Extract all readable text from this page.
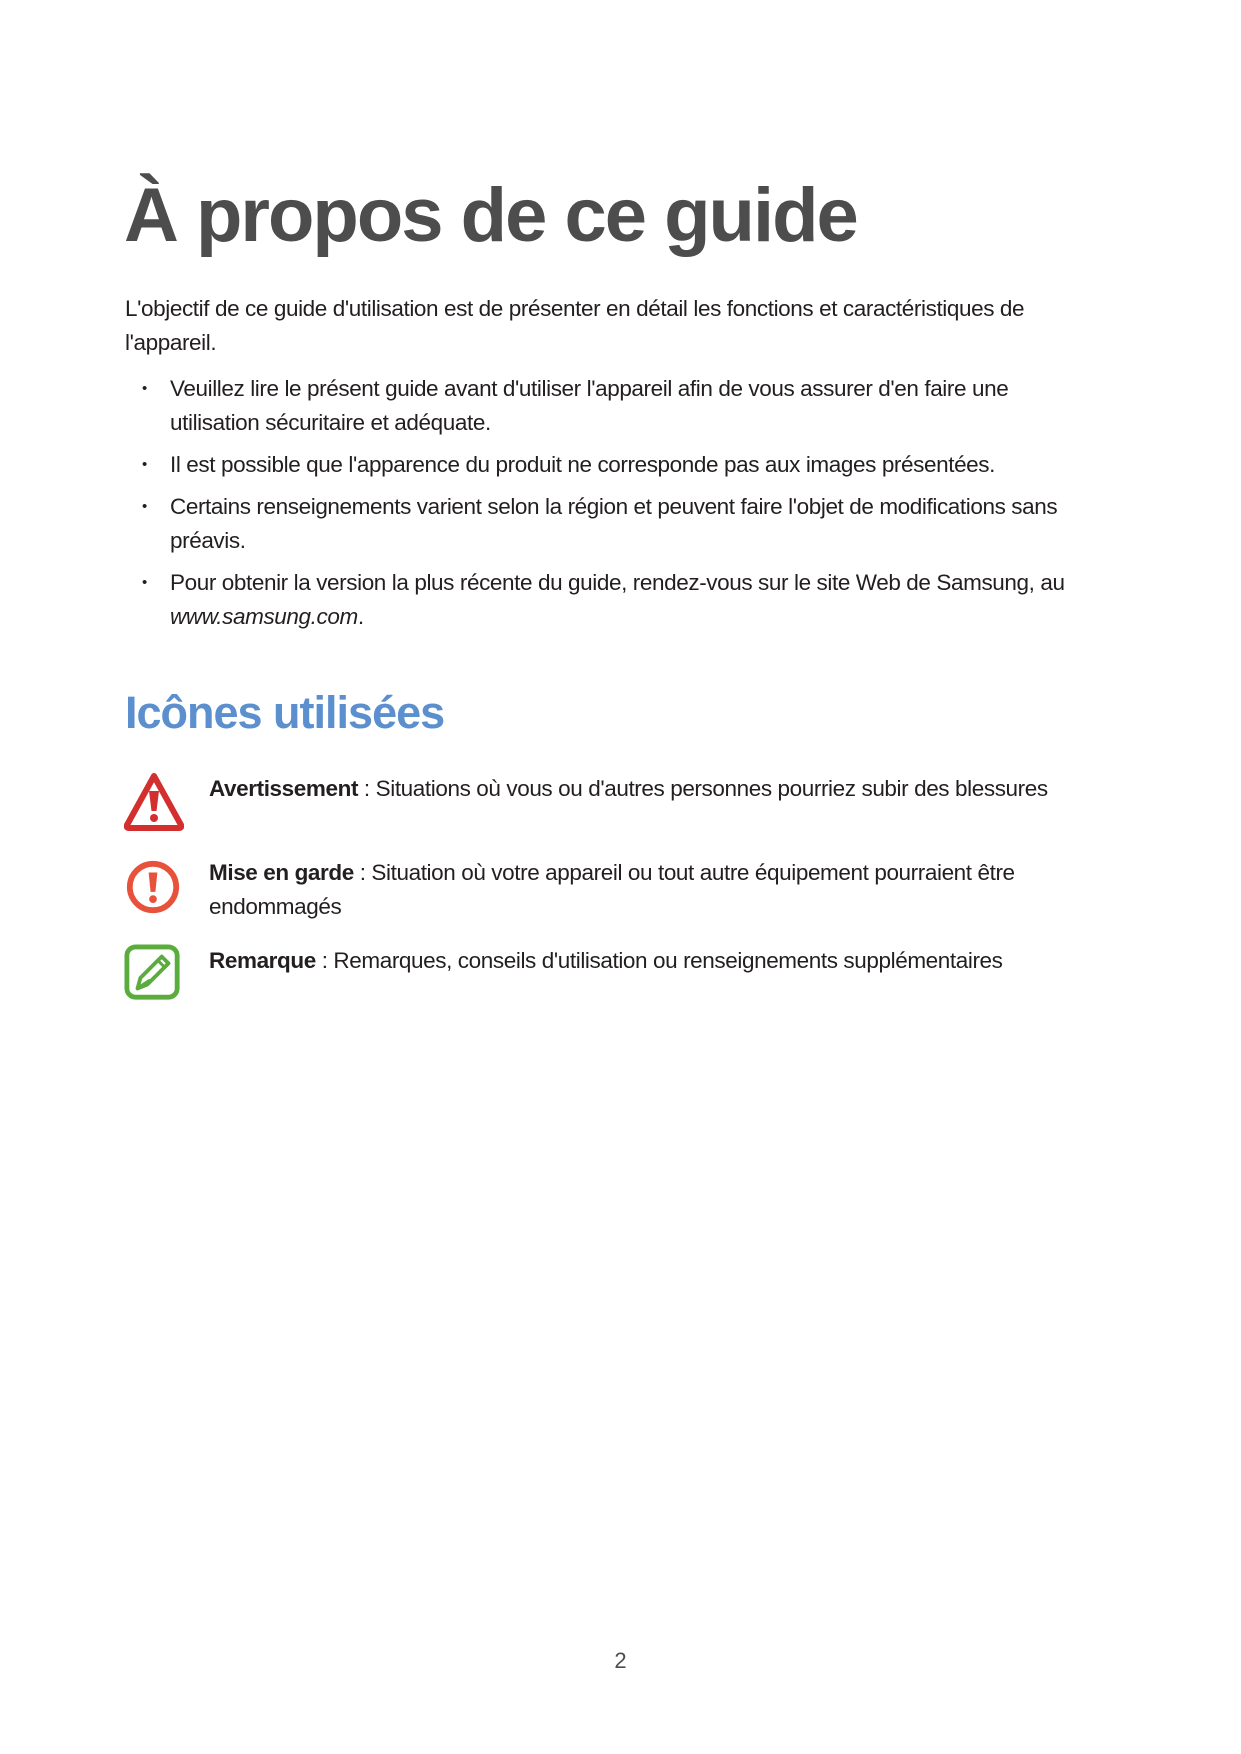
À propos de ce guide

L'objectif de ce guide d'utilisation est de présenter en détail les fonctions et caractéristiques de l'appareil.

• Veuillez lire le présent guide avant d'utiliser l'appareil afin de vous assurer d'en faire une utilisation sécuritaire et adéquate.
• Il est possible que l'apparence du produit ne corresponde pas aux images présentées.
• Certains renseignements varient selon la région et peuvent faire l'objet de modifications sans préavis.
• Pour obtenir la version la plus récente du guide, rendez-vous sur le site Web de Samsung, au www.samsung.com.
Icônes utilisées
Avertissement : Situations où vous ou d'autres personnes pourriez subir des blessures
Mise en garde : Situation où votre appareil ou tout autre équipement pourraient être endommagés
Remarque : Remarques, conseils d'utilisation ou renseignements supplémentaires
2
